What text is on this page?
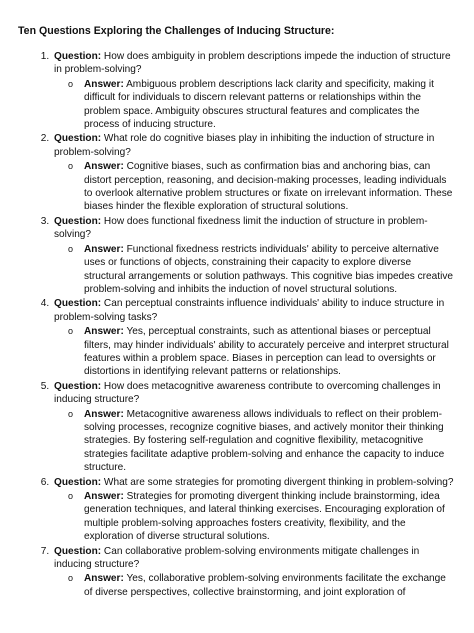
Ten Questions Exploring the Challenges of Inducing Structure:
1. Question: How does ambiguity in problem descriptions impede the induction of structure in problem-solving?
o Answer: Ambiguous problem descriptions lack clarity and specificity, making it difficult for individuals to discern relevant patterns or relationships within the problem space. Ambiguity obscures structural features and complicates the process of inducing structure.
2. Question: What role do cognitive biases play in inhibiting the induction of structure in problem-solving?
o Answer: Cognitive biases, such as confirmation bias and anchoring bias, can distort perception, reasoning, and decision-making processes, leading individuals to overlook alternative problem structures or fixate on irrelevant information. These biases hinder the flexible exploration of structural solutions.
3. Question: How does functional fixedness limit the induction of structure in problem-solving?
o Answer: Functional fixedness restricts individuals' ability to perceive alternative uses or functions of objects, constraining their capacity to explore diverse structural arrangements or solution pathways. This cognitive bias impedes creative problem-solving and inhibits the induction of novel structural solutions.
4. Question: Can perceptual constraints influence individuals' ability to induce structure in problem-solving tasks?
o Answer: Yes, perceptual constraints, such as attentional biases or perceptual filters, may hinder individuals' ability to accurately perceive and interpret structural features within a problem space. Biases in perception can lead to oversights or distortions in identifying relevant patterns or relationships.
5. Question: How does metacognitive awareness contribute to overcoming challenges in inducing structure?
o Answer: Metacognitive awareness allows individuals to reflect on their problem-solving processes, recognize cognitive biases, and actively monitor their thinking strategies. By fostering self-regulation and cognitive flexibility, metacognitive strategies facilitate adaptive problem-solving and enhance the capacity to induce structure.
6. Question: What are some strategies for promoting divergent thinking in problem-solving?
o Answer: Strategies for promoting divergent thinking include brainstorming, idea generation techniques, and lateral thinking exercises. Encouraging exploration of multiple problem-solving approaches fosters creativity, flexibility, and the exploration of diverse structural solutions.
7. Question: Can collaborative problem-solving environments mitigate challenges in inducing structure?
o Answer: Yes, collaborative problem-solving environments facilitate the exchange of diverse perspectives, collective brainstorming, and joint exploration of
